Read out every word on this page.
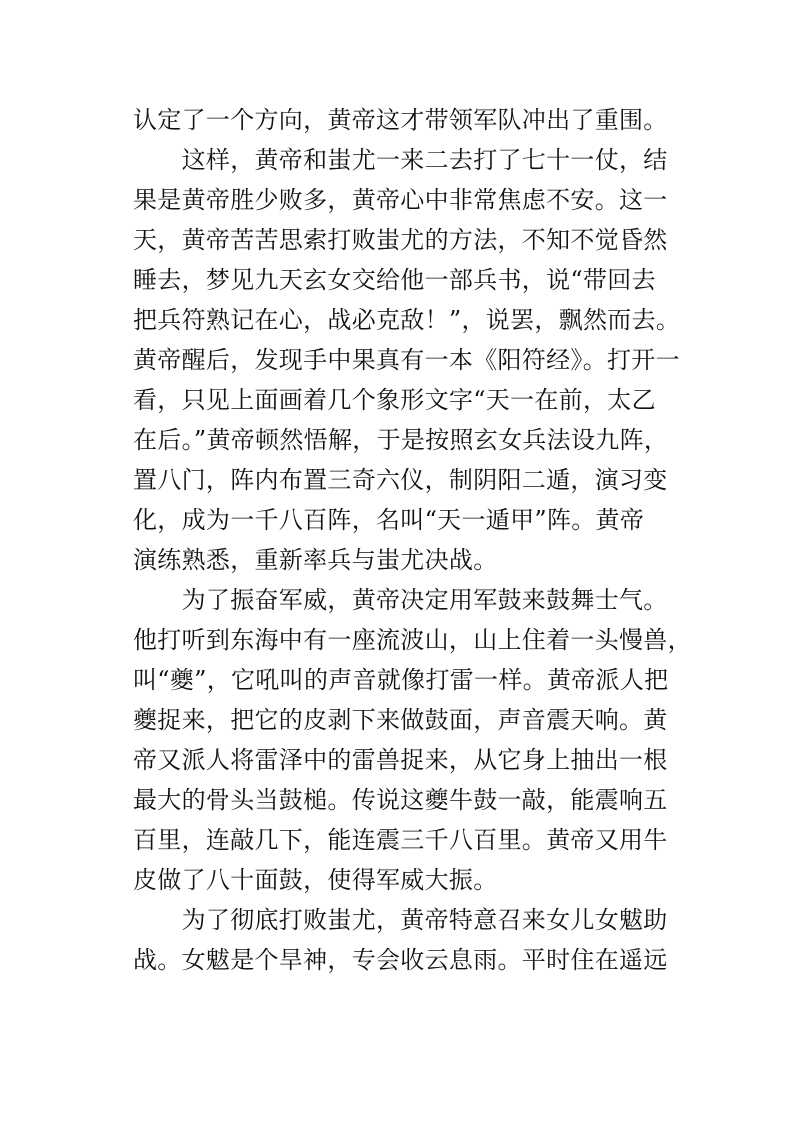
认定了一个方向，黄帝这才带领军队冲出了重围。
　　这样，黄帝和蚩尤一来二去打了七十一仗，结
果是黄帝胜少败多，黄帝心中非常焦虑不安。这一
天，黄帝苦苦思索打败蚩尤的方法，不知不觉昏然
睡去，梦见九天玄女交给他一部兵书，说“带回去
把兵符熟记在心，战必克敌！”，说罢，飘然而去。
黄帝醒后，发现手中果真有一本《阳符经》。打开一
看，只见上面画着几个象形文字“天一在前，太乙
在后。”黄帝顿然悟解，于是按照玄女兵法设九阵，
置八门，阵内布置三奇六仪，制阴阳二遁，演习变
化，成为一千八百阵，名叫“天一遁甲”阵。黄帝
演练熟悉，重新率兵与蚩尤决战。
　　为了振奋军威，黄帝决定用军鼓来鼓舞士气。
他打听到东海中有一座流波山，山上住着一头慢兽，
叫“夔”，它吼叫的声音就像打雷一样。黄帝派人把
夔捉来，把它的皮剥下来做鼓面，声音震天响。黄
帝又派人将雷泽中的雷兽捉来，从它身上抽出一根
最大的骨头当鼓槌。传说这夔牛鼓一敲，能震响五
百里，连敲几下，能连震三千八百里。黄帝又用牛
皮做了八十面鼓，使得军威大振。
　　为了彻底打败蚩尤，黄帝特意召来女儿女魃助
战。女魃是个旱神，专会收云息雨。平时住在遥远
